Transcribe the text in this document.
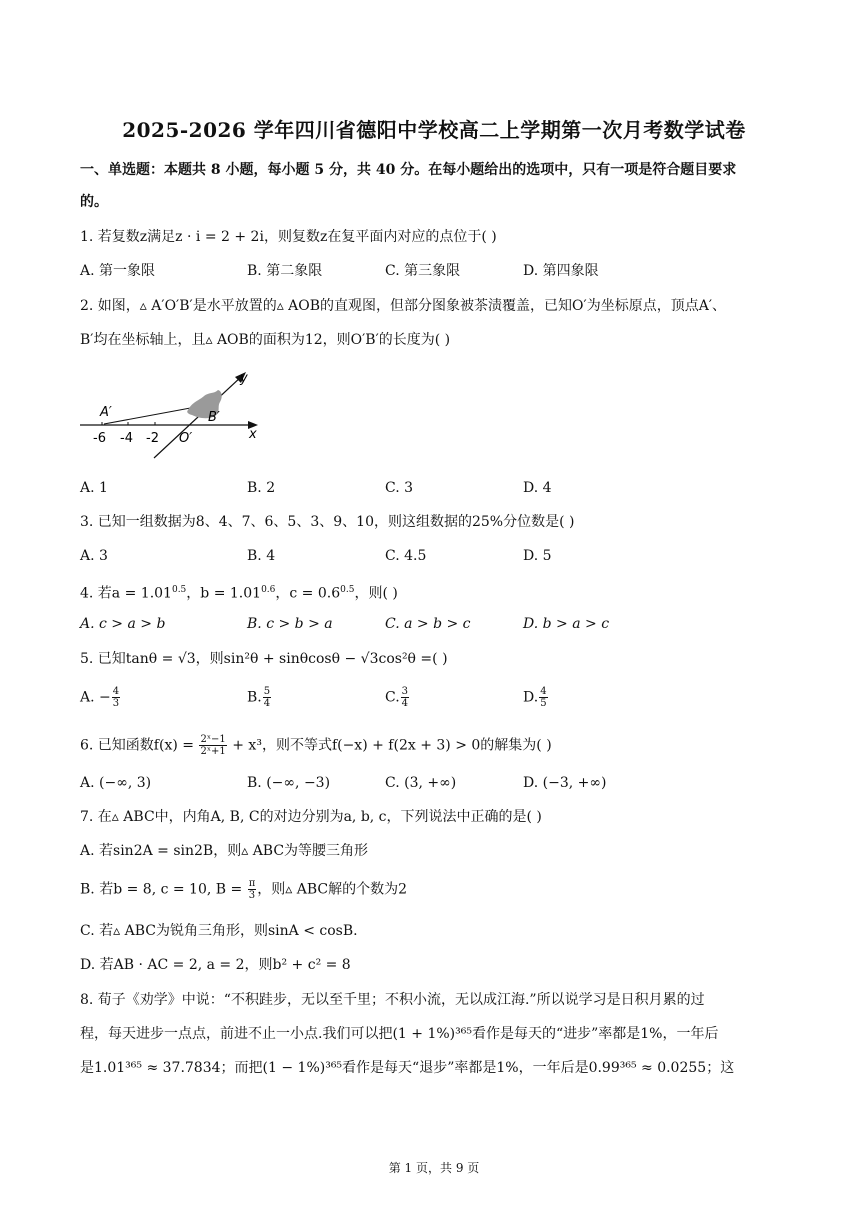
2025-2026 学年四川省德阳中学校高二上学期第一次月考数学试卷
一、单选题：本题共 8 小题，每小题 5 分，共 40 分。在每小题给出的选项中，只有一项是符合题目要求
的。
1. 若复数z满足z · i = 2 + 2i，则复数z在复平面内对应的点位于( )
A. 第一象限	B. 第二象限	C. 第三象限	D. 第四象限
2. 如图，▵ A′O′B′是水平放置的▵ AOB的直观图，但部分图象被茶渍覆盖，已知O′为坐标原点，顶点A′、
B′均在坐标轴上，且▵ AOB的面积为12，则O′B′的长度为( )
A′	B′
O′	x
y
-6 -4 -2
A. 1	B. 2	C. 3	D. 4
3. 已知一组数据为8、4、7、6、5、3、9、10，则这组数据的25%分位数是( )
A. 3	B. 4	C. 4.5	D. 5
4. 若$a = 1.01^{0.5}$，$b = 1.01^{0.6}$，$c = 0.6^{0.5}$，则( )
A. c > a > b	B. c > b > a	C. a > b > c	D. b > a > c
5. 已知tanθ = √3，则sin²θ + sinθcosθ − √3cos²θ =( )
A. − $\frac{4}{3}$	B. $\frac{5}{4}$	C. $\frac{3}{4}$	D. $\frac{4}{5}$
6. 已知函数$f(x) = \frac{\text{2ˣ−1}}{\text{2ˣ+1}} + x^3$，则不等式f(−x) + f(2x + 3) > 0的解集为( )
A. (−∞, 3)	B. (−∞, −3)	C. (3, +∞)	D. (−3, +∞)
7. 在▵ ABC中，内角A, B, C的对边分别为a, b, c，下列说法中正确的是( )
A. 若sin2A = sin2B，则▵ ABC为等腰三角形
B. 若b = 8, c = 10, $B = \frac{\pi}{3}$ ，则▵ ABC解的个数为2
C. 若▵ ABC为锐角三角形，则sinA < cosB.
D. 若AB · AC = 2, a = 2，则b² + c² = 8
8. 荀子《劝学》中说：“不积跬步，无以至千里；不积小流，无以成江海.”所以说学习是日积月累的过
程，每天进步一点点，前进不止一小点.我们可以把(1 + 1%)³⁶⁵看作是每天的“进步”率都是1%，一年后
是1.01³⁶⁵ ≈ 37.7834；而把(1 − 1%)³⁶⁵看作是每天“退步”率都是1%，一年后是0.99³⁶⁵ ≈ 0.0255；这
第 1 页，共 9 页
